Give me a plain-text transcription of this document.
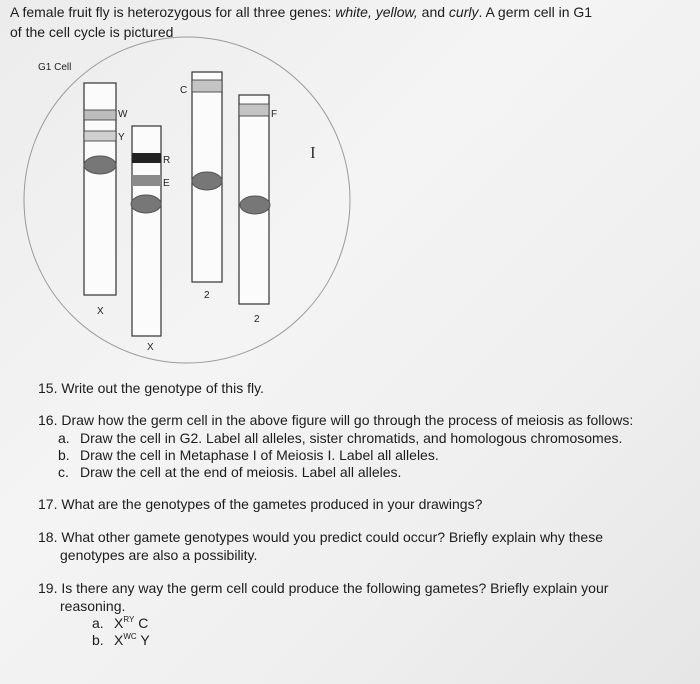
A female fruit fly is heterozygous for all three genes: white, yellow, and curly. A germ cell in G1
of the cell cycle is pictured
G1 Cell
W
Y
X
R
E
X
C
2
F
2
I
15. Write out the genotype of this fly.
16. Draw how the germ cell in the above figure will go through the process of meiosis as follows:
a. Draw the cell in G2. Label all alleles, sister chromatids, and homologous chromosomes.
b. Draw the cell in Metaphase I of Meiosis I. Label all alleles.
c. Draw the cell at the end of meiosis. Label all alleles.
17. What are the genotypes of the gametes produced in your drawings?
18. What other gamete genotypes would you predict could occur? Briefly explain why these
genotypes are also a possibility.
19. Is there any way the germ cell could produce the following gametes? Briefly explain your
reasoning.
a. $X^{RY}$ C
b. $X^{WC}$ Y
